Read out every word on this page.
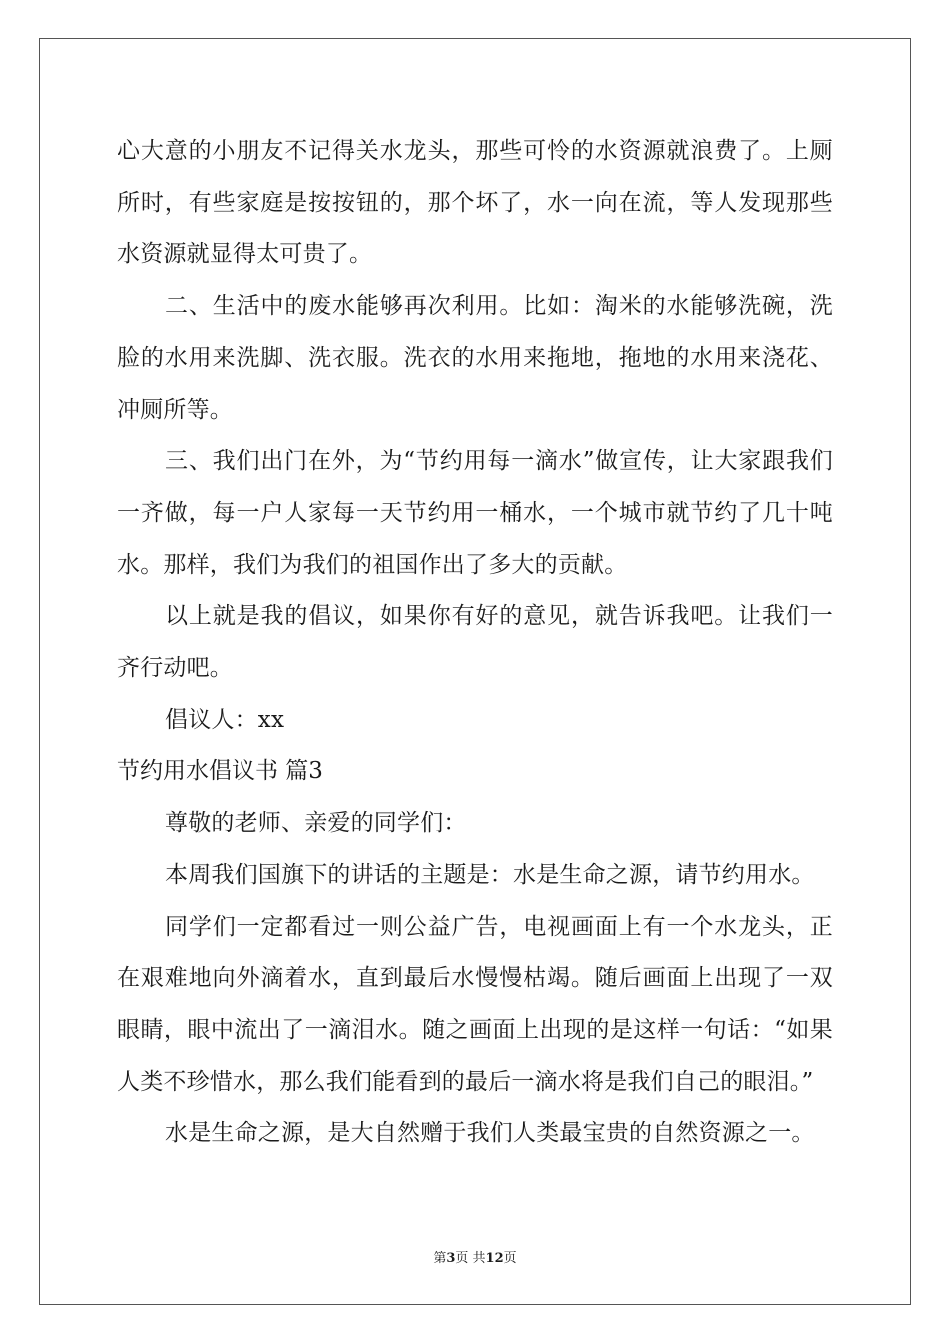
心大意的小朋友不记得关水龙头，那些可怜的水资源就浪费了。上厕所时，有些家庭是按按钮的，那个坏了，水一向在流，等人发现那些水资源就显得太可贵了。

二、生活中的废水能够再次利用。比如：淘米的水能够洗碗，洗脸的水用来洗脚、洗衣服。洗衣的水用来拖地，拖地的水用来浇花、冲厕所等。

三、我们出门在外，为“节约用每一滴水”做宣传，让大家跟我们一齐做，每一户人家每一天节约用一桶水，一个城市就节约了几十吨水。那样，我们为我们的祖国作出了多大的贡献。

以上就是我的倡议，如果你有好的意见，就告诉我吧。让我们一齐行动吧。

倡议人：xx

节约用水倡议书 篇3

尊敬的老师、亲爱的同学们：

本周我们国旗下的讲话的主题是：水是生命之源，请节约用水。

同学们一定都看过一则公益广告，电视画面上有一个水龙头，正在艰难地向外滴着水，直到最后水慢慢枯竭。随后画面上出现了一双眼睛，眼中流出了一滴泪水。随之画面上出现的是这样一句话：“如果人类不珍惜水，那么我们能看到的最后一滴水将是我们自己的眼泪。”

水是生命之源，是大自然赠于我们人类最宝贵的自然资源之一。

第3页 共12页
